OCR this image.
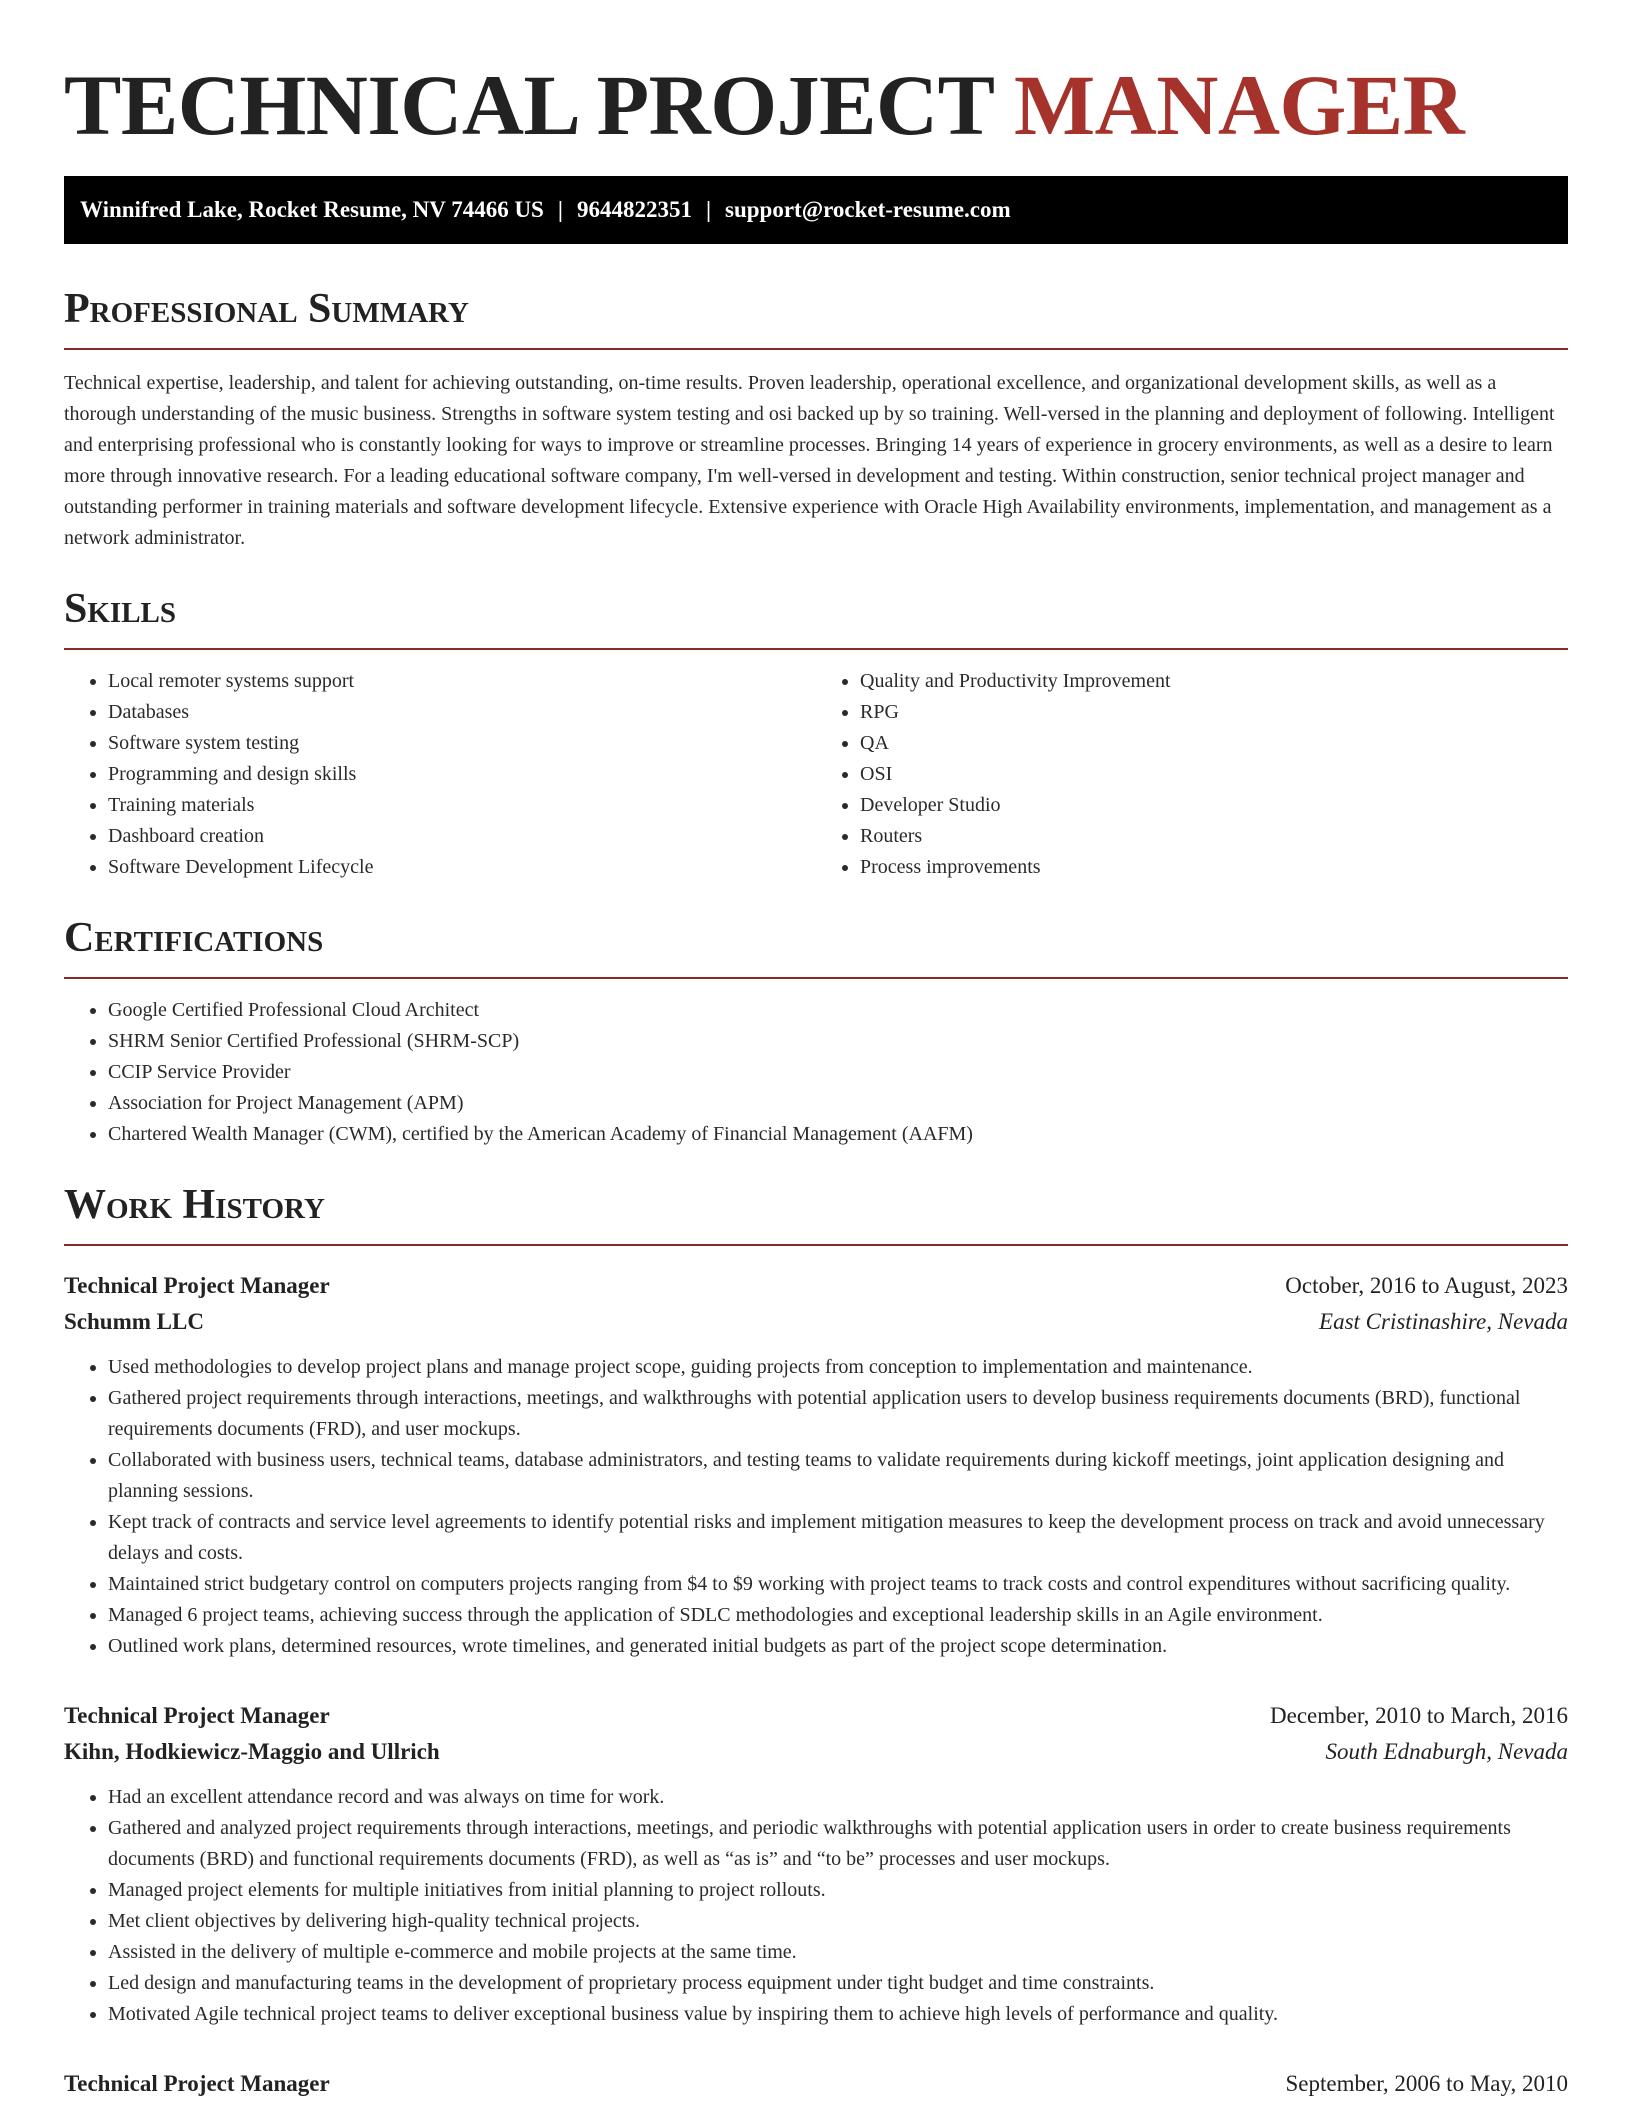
TECHNICAL PROJECT MANAGER
Winnifred Lake, Rocket Resume, NV 74466 US | 9644822351 | support@rocket-resume.com
Professional Summary

Technical expertise, leadership, and talent for achieving outstanding, on-time results. Proven leadership, operational excellence, and organizational development skills, as well as a thorough understanding of the music business. Strengths in software system testing and osi backed up by so training. Well-versed in the planning and deployment of following. Intelligent and enterprising professional who is constantly looking for ways to improve or streamline processes. Bringing 14 years of experience in grocery environments, as well as a desire to learn more through innovative research. For a leading educational software company, I'm well-versed in development and testing. Within construction, senior technical project manager and outstanding performer in training materials and software development lifecycle. Extensive experience with Oracle High Availability environments, implementation, and management as a network administrator.

Skills
• Local remoter systems support
• Databases
• Software system testing
• Programming and design skills
• Training materials
• Dashboard creation
• Software Development Lifecycle
• Quality and Productivity Improvement
• RPG
• QA
• OSI
• Developer Studio
• Routers
• Process improvements
Certifications
• Google Certified Professional Cloud Architect
• SHRM Senior Certified Professional (SHRM-SCP)
• CCIP Service Provider
• Association for Project Management (APM)
• Chartered Wealth Manager (CWM), certified by the American Academy of Financial Management (AAFM)
Work History
Technical Project Manager	October, 2016 to August, 2023
Schumm LLC	East Cristinashire, Nevada
• Used methodologies to develop project plans and manage project scope, guiding projects from conception to implementation and maintenance.
• Gathered project requirements through interactions, meetings, and walkthroughs with potential application users to develop business requirements documents (BRD), functional requirements documents (FRD), and user mockups.
• Collaborated with business users, technical teams, database administrators, and testing teams to validate requirements during kickoff meetings, joint application designing and planning sessions.
• Kept track of contracts and service level agreements to identify potential risks and implement mitigation measures to keep the development process on track and avoid unnecessary delays and costs.
• Maintained strict budgetary control on computers projects ranging from $4 to $9 working with project teams to track costs and control expenditures without sacrificing quality.
• Managed 6 project teams, achieving success through the application of SDLC methodologies and exceptional leadership skills in an Agile environment.
• Outlined work plans, determined resources, wrote timelines, and generated initial budgets as part of the project scope determination.
Technical Project Manager	December, 2010 to March, 2016
Kihn, Hodkiewicz-Maggio and Ullrich	South Ednaburgh, Nevada
• Had an excellent attendance record and was always on time for work.
• Gathered and analyzed project requirements through interactions, meetings, and periodic walkthroughs with potential application users in order to create business requirements documents (BRD) and functional requirements documents (FRD), as well as “as is” and “to be” processes and user mockups.
• Managed project elements for multiple initiatives from initial planning to project rollouts.
• Met client objectives by delivering high-quality technical projects.
• Assisted in the delivery of multiple e-commerce and mobile projects at the same time.
• Led design and manufacturing teams in the development of proprietary process equipment under tight budget and time constraints.
• Motivated Agile technical project teams to deliver exceptional business value by inspiring them to achieve high levels of performance and quality.
Technical Project Manager	September, 2006 to May, 2010
